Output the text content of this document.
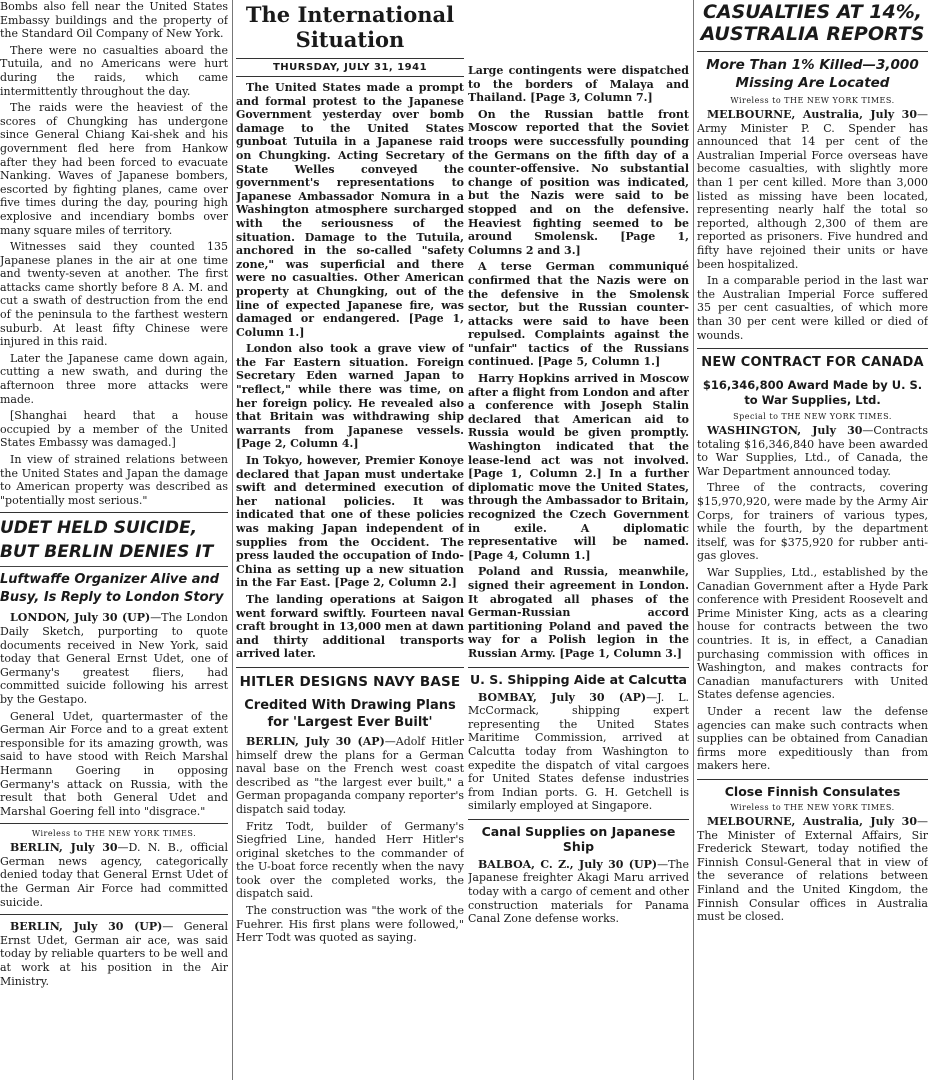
Bombs also fell near the United States Embassy buildings and the property of the Standard Oil Company of New York.

There were no casualties aboard the Tutuila, and no Americans were hurt during the raids, which came intermittently throughout the day.

The raids were the heaviest of the scores of Chungking has undergone since General Chiang Kai-shek and his government fled here from Hankow after they had been forced to evacuate Nanking. Waves of Japanese bombers, escorted by fighting planes, came over five times during the day, pouring high explosive and incendiary bombs over many square miles of territory.

Witnesses said they counted 135 Japanese planes in the air at one time and twenty-seven at another. The first attacks came shortly before 8 A. M. and cut a swath of destruction from the end of the peninsula to the farthest western suburb. At least fifty Chinese were injured in this raid.

Later the Japanese came down again, cutting a new swath, and during the afternoon three more attacks were made.

[Shanghai heard that a house occupied by a member of the United States Embassy was damaged.]

In view of strained relations between the United States and Japan the damage to American property was described as "potentially most serious."

UDET HELD SUICIDE,
BUT BERLIN DENIES IT
Luftwaffe Organizer Alive and Busy, Is Reply to London Story

LONDON, July 30 (UP)—The London Daily Sketch, purporting to quote documents received in New York, said today that General Ernst Udet, one of Germany's greatest fliers, had committed suicide following his arrest by the Gestapo.

General Udet, quartermaster of the German Air Force and to a great extent responsible for its amazing growth, was said to have stood with Reich Marshal Hermann Goering in opposing Germany's attack on Russia, with the result that both General Udet and Marshal Goering fell into "disgrace."

Wireless to THE NEW YORK TIMES.

BERLIN, July 30—D. N. B., official German news agency, categorically denied today that General Ernst Udet of the German Air Force had committed suicide.

BERLIN, July 30 (UP)— General Ernst Udet, German air ace, was said today by reliable quarters to be well and at work at his position in the Air Ministry.

The International Situation
THURSDAY, JULY 31, 1941

The United States made a prompt and formal protest to the Japanese Government yesterday over bomb damage to the United States gunboat Tutuila in a Japanese raid on Chungking. Acting Secretary of State Welles conveyed the government's representations to Japanese Ambassador Nomura in a Washington atmosphere surcharged with the seriousness of the situation. Damage to the Tutuila, anchored in the so-called "safety zone," was superficial and there were no casualties. Other American property at Chungking, out of the line of expected Japanese fire, was damaged or endangered. [Page 1, Column 1.]

London also took a grave view of the Far Eastern situation. Foreign Secretary Eden warned Japan to "reflect," while there was time, on her foreign policy. He revealed also that Britain was withdrawing ship warrants from Japanese vessels. [Page 2, Column 4.]

In Tokyo, however, Premier Konoye declared that Japan must undertake swift and determined execution of her national policies. It was indicated that one of these policies was making Japan independent of supplies from the Occident. The press lauded the occupation of Indo-China as setting up a new situation in the Far East. [Page 2, Column 2.]

The landing operations at Saigon went forward swiftly. Fourteen naval craft brought in 13,000 men at dawn and thirty additional transports arrived later.

HITLER DESIGNS NAVY BASE
Credited With Drawing Plans for 'Largest Ever Built'

BERLIN, July 30 (AP)—Adolf Hitler himself drew the plans for a German naval base on the French west coast described as "the largest ever built," a German propaganda company reporter's dispatch said today.

Fritz Todt, builder of Germany's Siegfried Line, handed Herr Hitler's original sketches to the commander of the U-boat force recently when the navy took over the completed works, the dispatch said.

The construction was "the work of the Fuehrer. His first plans were followed," Herr Todt was quoted as saying.

Large contingents were dispatched to the borders of Malaya and Thailand. [Page 3, Column 7.]

On the Russian battle front Moscow reported that the Soviet troops were successfully pounding the Germans on the fifth day of a counter-offensive. No substantial change of position was indicated, but the Nazis were said to be stopped and on the defensive. Heaviest fighting seemed to be around Smolensk. [Page 1, Columns 2 and 3.]

A terse German communiqué confirmed that the Nazis were on the defensive in the Smolensk sector, but the Russian counter-attacks were said to have been repulsed. Complaints against the "unfair" tactics of the Russians continued. [Page 5, Column 1.]

Harry Hopkins arrived in Moscow after a flight from London and after a conference with Joseph Stalin declared that American aid to Russia would be given promptly. Washington indicated that the lease-lend act was not involved. [Page 1, Column 2.] In a further diplomatic move the United States, through the Ambassador to Britain, recognized the Czech Government in exile. A diplomatic representative will be named. [Page 4, Column 1.]

Poland and Russia, meanwhile, signed their agreement in London. It abrogated all phases of the German-Russian accord partitioning Poland and paved the way for a Polish legion in the Russian Army. [Page 1, Column 3.]

U. S. Shipping Aide at Calcutta

BOMBAY, July 30 (AP)—J. L. McCormack, shipping expert representing the United States Maritime Commission, arrived at Calcutta today from Washington to expedite the dispatch of vital cargoes for United States defense industries from Indian ports. G. H. Getchell is similarly employed at Singapore.

Canal Supplies on Japanese Ship

BALBOA, C. Z., July 30 (UP)—The Japanese freighter Akagi Maru arrived today with a cargo of cement and other construction materials for Panama Canal Zone defense works.

CASUALTIES AT 14%,
AUSTRALIA REPORTS
More Than 1% Killed—3,000 Missing Are Located
Wireless to THE NEW YORK TIMES.

MELBOURNE, Australia, July 30—Army Minister P. C. Spender has announced that 14 per cent of the Australian Imperial Force overseas have become casualties, with slightly more than 1 per cent killed. More than 3,000 listed as missing have been located, representing nearly half the total so reported, although 2,300 of them are reported as prisoners. Five hundred and fifty have rejoined their units or have been hospitalized.

In a comparable period in the last war the Australian Imperial Force suffered 35 per cent casualties, of which more than 30 per cent were killed or died of wounds.

NEW CONTRACT FOR CANADA
$16,346,800 Award Made by U. S. to War Supplies, Ltd.
Special to THE NEW YORK TIMES.

WASHINGTON, July 30—Contracts totaling $16,346,840 have been awarded to War Supplies, Ltd., of Canada, the War Department announced today.

Three of the contracts, covering $15,970,920, were made by the Army Air Corps, for trainers of various types, while the fourth, by the department itself, was for $375,920 for rubber anti-gas gloves.

War Supplies, Ltd., established by the Canadian Government after a Hyde Park conference with President Roosevelt and Prime Minister King, acts as a clearing house for contracts between the two countries. It is, in effect, a Canadian purchasing commission with offices in Washington, and makes contracts for Canadian manufacturers with United States defense agencies.

Under a recent law the defense agencies can make such contracts when supplies can be obtained from Canadian firms more expeditiously than from makers here.

Close Finnish Consulates
Wireless to THE NEW YORK TIMES.

MELBOURNE, Australia, July 30—The Minister of External Affairs, Sir Frederick Stewart, today notified the Finnish Consul-General that in view of the severance of relations between Finland and the United Kingdom, the Finnish Consular offices in Australia must be closed.
